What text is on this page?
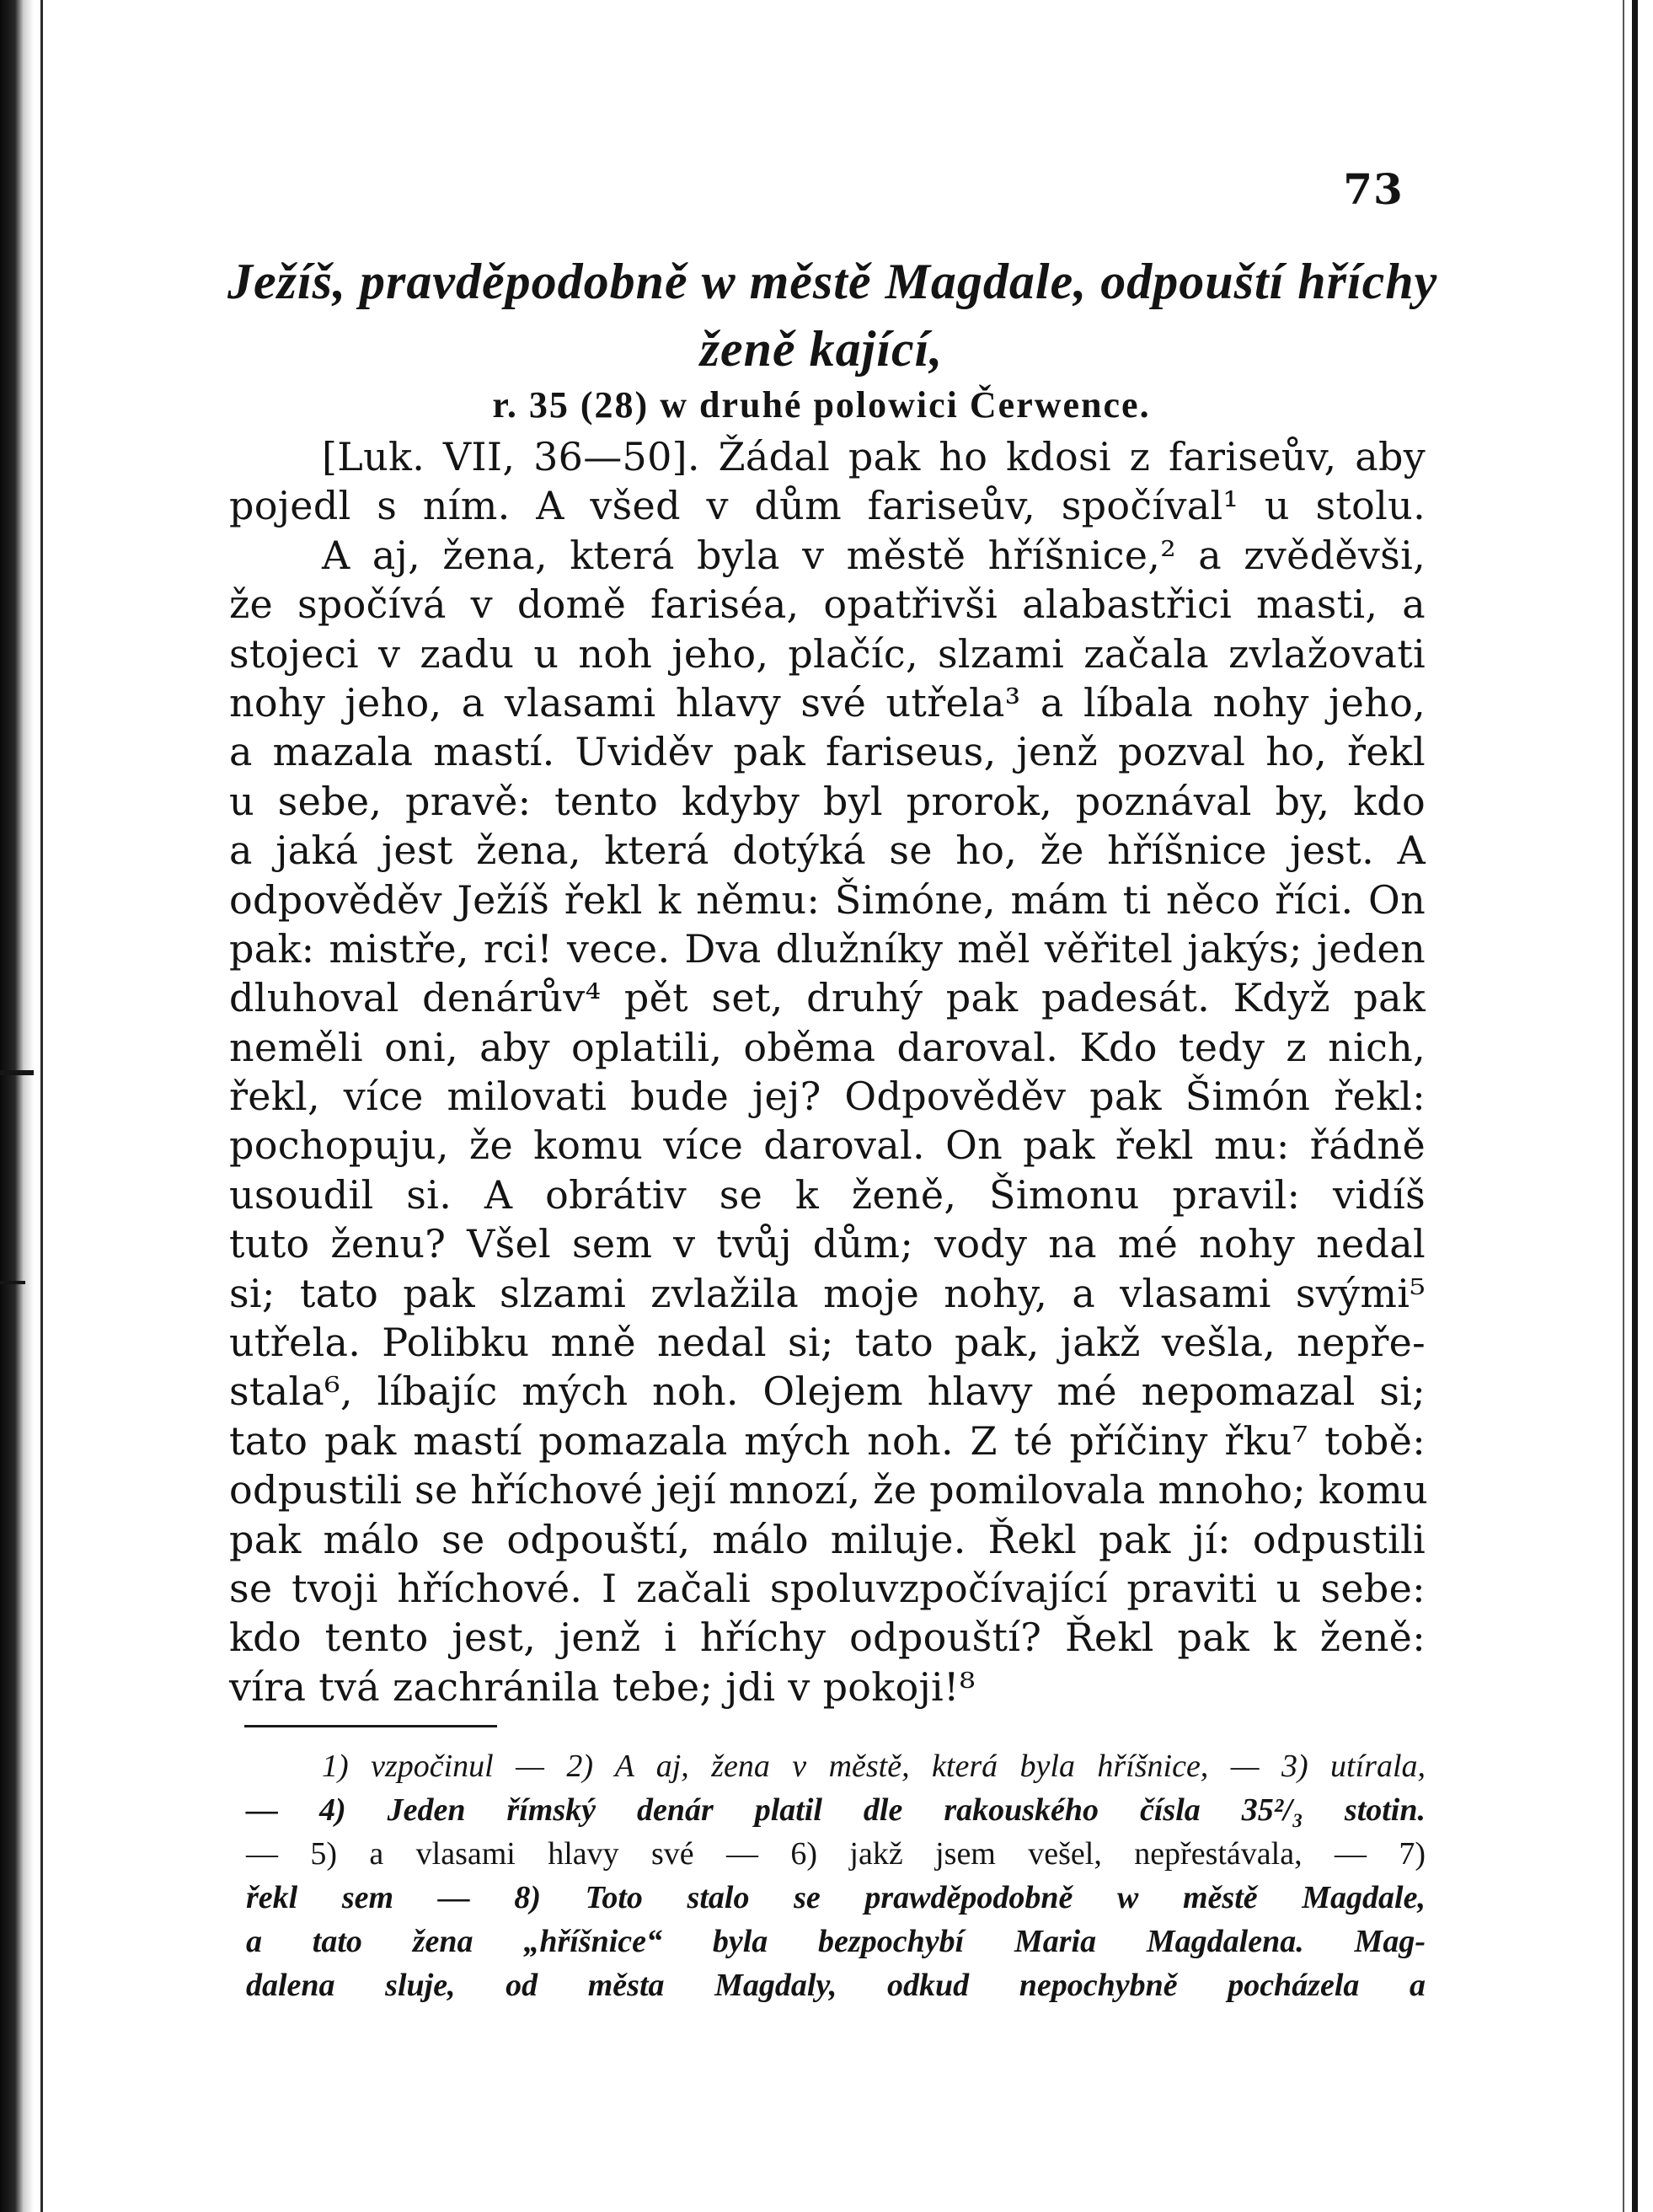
73
Ježíš, pravděpodobně w městě Magdale, odpouští hříchy
ženě kající,
r. 35 (28) w druhé polowici Čerwence.
[Luk. VII, 36—50]. Žádal pak ho kdosi z fariseův, aby
pojedl s ním. A všed v dům fariseův, spočíval¹ u stolu.
A aj, žena, která byla v městě hříšnice,² a zvěděvši,
že spočívá v domě fariséa, opatřivši alabastřici masti, a
stojeci v zadu u noh jeho, plačíc, slzami začala zvlažovati
nohy jeho, a vlasami hlavy své utřela³ a líbala nohy jeho,
a mazala mastí. Uviděv pak fariseus, jenž pozval ho, řekl
u sebe, pravě: tento kdyby byl prorok, poznával by, kdo
a jaká jest žena, která dotýká se ho, že hříšnice jest. A
odpověděv Ježíš řekl k němu: Šimóne, mám ti něco říci. On
pak: mistře, rci! vece. Dva dlužníky měl věřitel jakýs; jeden
dluhoval denárův⁴ pět set, druhý pak padesát. Když pak
neměli oni, aby oplatili, oběma daroval. Kdo tedy z nich,
řekl, více milovati bude jej? Odpověděv pak Šimón řekl:
pochopuju, že komu více daroval. On pak řekl mu: řádně
usoudil si. A obrátiv se k ženě, Šimonu pravil: vidíš
tuto ženu? Všel sem v tvůj dům; vody na mé nohy nedal
si; tato pak slzami zvlažila moje nohy, a vlasami svými⁵
utřela. Polibku mně nedal si; tato pak, jakž vešla, nepře-
stala⁶, líbajíc mých noh. Olejem hlavy mé nepomazal si;
tato pak mastí pomazala mých noh. Z té příčiny řku⁷ tobě:
odpustili se hříchové její mnozí, že pomilovala mnoho; komu
pak málo se odpouští, málo miluje. Řekl pak jí: odpustili
se tvoji hříchové. I začali spoluvzpočívající praviti u sebe:
kdo tento jest, jenž i hříchy odpouští? Řekl pak k ženě:
víra tvá zachránila tebe; jdi v pokoji!⁸
1) vzpočinul — 2) A aj, žena v městě, která byla hříšnice, — 3) utírala,
— 4) Jeden římský denár platil dle rakouského čísla 35²/₃ stotin.
— 5) a vlasami hlavy své — 6) jakž jsem vešel, nepřestávala, — 7)
řekl sem — 8) Toto stalo se prawděpodobně w městě Magdale,
a tato žena „hříšnice“ byla bezpochybí Maria Magdalena. Mag-
dalena sluje, od města Magdaly, odkud nepochybně pocházela a
